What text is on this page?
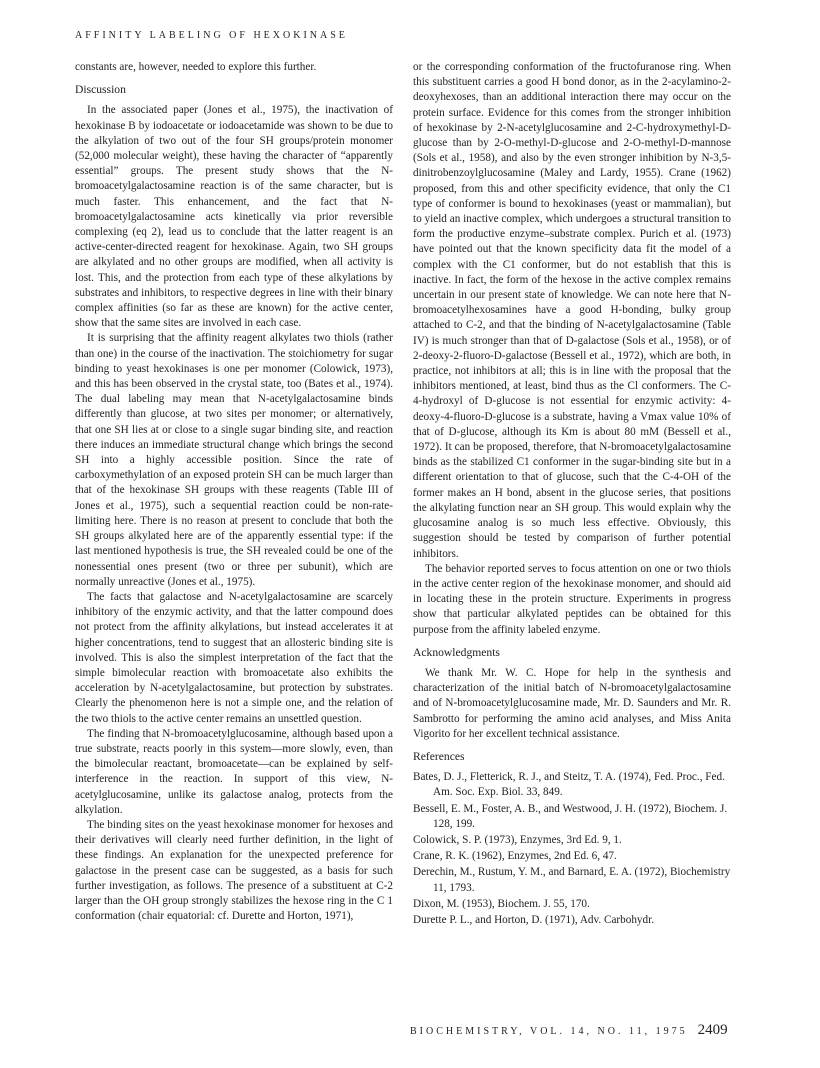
AFFINITY LABELING OF HEXOKINASE

constants are, however, needed to explore this further.

Discussion

In the associated paper (Jones et al., 1975), the inactivation of hexokinase B by iodoacetate or iodoacetamide was shown to be due to the alkylation of two out of the four SH groups/protein monomer (52,000 molecular weight), these having the character of “apparently essential” groups. The present study shows that the N-bromoacetylgalactosamine reaction is of the same character, but is much faster. This enhancement, and the fact that N-bromoacetylgalactosamine acts kinetically via prior reversible complexing (eq 2), lead us to conclude that the latter reagent is an active-center-directed reagent for hexokinase. Again, two SH groups are alkylated and no other groups are modified, when all activity is lost. This, and the protection from each type of these alkylations by substrates and inhibitors, to respective degrees in line with their binary complex affinities (so far as these are known) for the active center, show that the same sites are involved in each case.

It is surprising that the affinity reagent alkylates two thiols (rather than one) in the course of the inactivation. The stoichiometry for sugar binding to yeast hexokinases is one per monomer (Colowick, 1973), and this has been observed in the crystal state, too (Bates et al., 1974). The dual labeling may mean that N-acetylgalactosamine binds differently than glucose, at two sites per monomer; or alternatively, that one SH lies at or close to a single sugar binding site, and reaction there induces an immediate structural change which brings the second SH into a highly accessible position. Since the rate of carboxymethylation of an exposed protein SH can be much larger than that of the hexokinase SH groups with these reagents (Table III of Jones et al., 1975), such a sequential reaction could be non-rate-limiting here. There is no reason at present to conclude that both the SH groups alkylated here are of the apparently essential type: if the last mentioned hypothesis is true, the SH revealed could be one of the nonessential ones present (two or three per subunit), which are normally unreactive (Jones et al., 1975).

The facts that galactose and N-acetylgalactosamine are scarcely inhibitory of the enzymic activity, and that the latter compound does not protect from the affinity alkylations, but instead accelerates it at higher concentrations, tend to suggest that an allosteric binding site is involved. This is also the simplest interpretation of the fact that the simple bimolecular reaction with bromoacetate also exhibits the acceleration by N-acetylgalactosamine, but protection by substrates. Clearly the phenomenon here is not a simple one, and the relation of the two thiols to the active center remains an unsettled question.

The finding that N-bromoacetylglucosamine, although based upon a true substrate, reacts poorly in this system—more slowly, even, than the bimolecular reactant, bromoacetate—can be explained by self-interference in the reaction. In support of this view, N-acetylglucosamine, unlike its galactose analog, protects from the alkylation.

The binding sites on the yeast hexokinase monomer for hexoses and their derivatives will clearly need further definition, in the light of these findings. An explanation for the unexpected preference for galactose in the present case can be suggested, as a basis for such further investigation, as follows. The presence of a substituent at C-2 larger than the OH group strongly stabilizes the hexose ring in the C 1 conformation (chair equatorial: cf. Durette and Horton, 1971),

or the corresponding conformation of the fructofuranose ring. When this substituent carries a good H bond donor, as in the 2-acylamino-2-deoxyhexoses, than an additional interaction there may occur on the protein surface. Evidence for this comes from the stronger inhibition of hexokinase by 2-N-acetylglucosamine and 2-C-hydroxymethyl-D-glucose than by 2-O-methyl-D-glucose and 2-O-methyl-D-mannose (Sols et al., 1958), and also by the even stronger inhibition by N-3,5-dinitrobenzoylglucosamine (Maley and Lardy, 1955). Crane (1962) proposed, from this and other specificity evidence, that only the C1 type of conformer is bound to hexokinases (yeast or mammalian), but to yield an inactive complex, which undergoes a structural transition to form the productive enzyme–substrate complex. Purich et al. (1973) have pointed out that the known specificity data fit the model of a complex with the C1 conformer, but do not establish that this is inactive. In fact, the form of the hexose in the active complex remains uncertain in our present state of knowledge. We can note here that N-bromoacetylhexosamines have a good H-bonding, bulky group attached to C-2, and that the binding of N-acetylgalactosamine (Table IV) is much stronger than that of D-galactose (Sols et al., 1958), or of 2-deoxy-2-fluoro-D-galactose (Bessell et al., 1972), which are both, in practice, not inhibitors at all; this is in line with the proposal that the inhibitors mentioned, at least, bind thus as the Cl conformers. The C-4-hydroxyl of D-glucose is not essential for enzymic activity: 4-deoxy-4-fluoro-D-glucose is a substrate, having a Vmax value 10% of that of D-glucose, although its Km is about 80 mM (Bessell et al., 1972). It can be proposed, therefore, that N-bromoacetylgalactosamine binds as the stabilized C1 conformer in the sugar-binding site but in a different orientation to that of glucose, such that the C-4-OH of the former makes an H bond, absent in the glucose series, that positions the alkylating function near an SH group. This would explain why the glucosamine analog is so much less effective. Obviously, this suggestion should be tested by comparison of further potential inhibitors.

The behavior reported serves to focus attention on one or two thiols in the active center region of the hexokinase monomer, and should aid in locating these in the protein structure. Experiments in progress show that particular alkylated peptides can be obtained for this purpose from the affinity labeled enzyme.

Acknowledgments

We thank Mr. W. C. Hope for help in the synthesis and characterization of the initial batch of N-bromoacetylgalactosamine and of N-bromoacetylglucosamine made, Mr. D. Saunders and Mr. R. Sambrotto for performing the amino acid analyses, and Miss Anita Vigorito for her excellent technical assistance.

References

Bates, D. J., Fletterick, R. J., and Steitz, T. A. (1974), Fed. Proc., Fed. Am. Soc. Exp. Biol. 33, 849.

Bessell, E. M., Foster, A. B., and Westwood, J. H. (1972), Biochem. J. 128, 199.

Colowick, S. P. (1973), Enzymes, 3rd Ed. 9, 1.

Crane, R. K. (1962), Enzymes, 2nd Ed. 6, 47.

Derechin, M., Rustum, Y. M., and Barnard, E. A. (1972), Biochemistry 11, 1793.

Dixon, M. (1953), Biochem. J. 55, 170.

Durette P. L., and Horton, D. (1971), Adv. Carbohydr.

BIOCHEMISTRY, VOL. 14, NO. 11, 1975 2409
